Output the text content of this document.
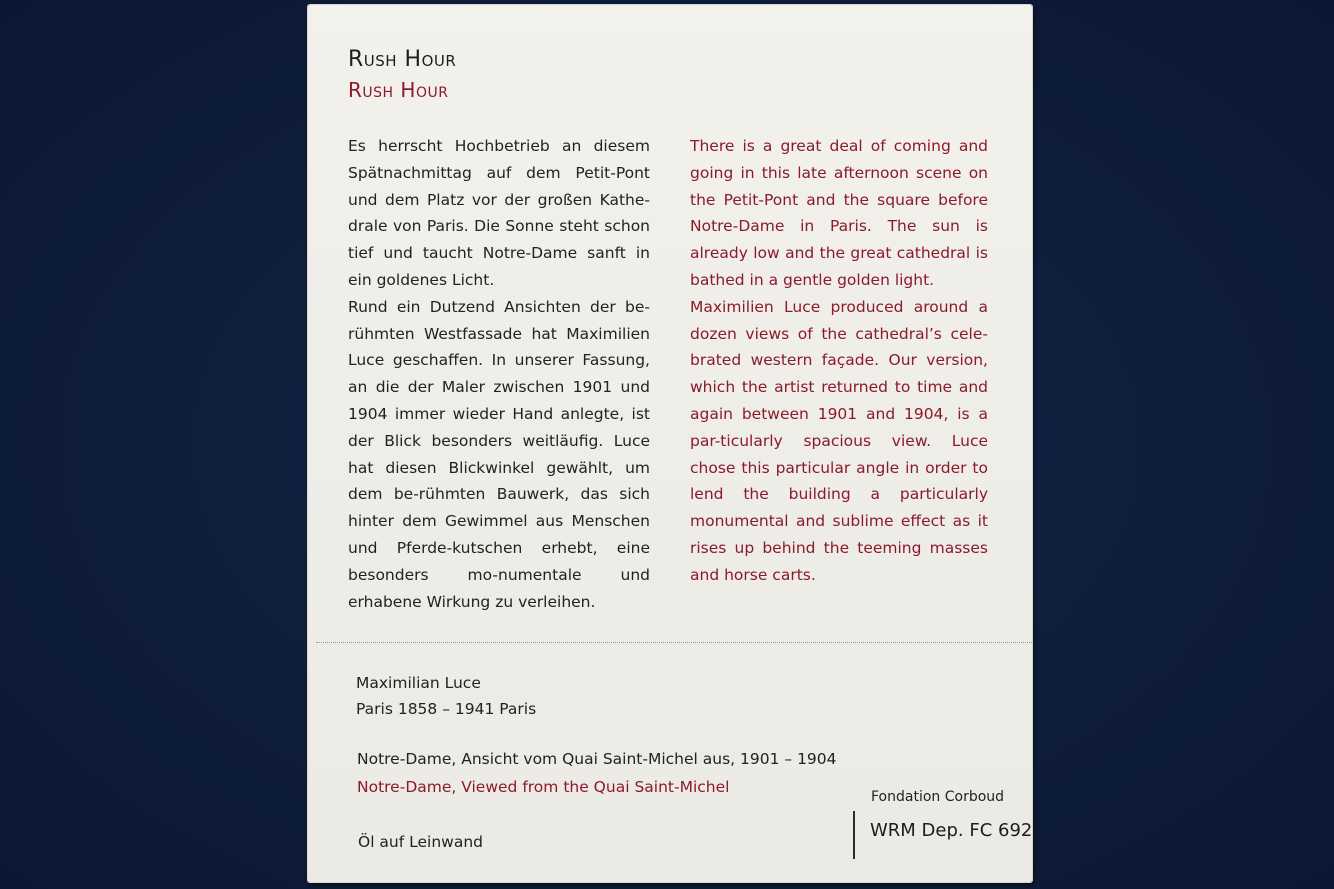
Rush Hour
Rush Hour

Es herrscht Hochbetrieb an diesem Spätnachmittag auf dem Petit-Pont und dem Platz vor der großen Kathe-drale von Paris. Die Sonne steht schon tief und taucht Notre-Dame sanft in ein goldenes Licht.

Rund ein Dutzend Ansichten der be-rühmten Westfassade hat Maximilien Luce geschaffen. In unserer Fassung, an die der Maler zwischen 1901 und 1904 immer wieder Hand anlegte, ist der Blick besonders weitläufig. Luce hat diesen Blickwinkel gewählt, um dem be-rühmten Bauwerk, das sich hinter dem Gewimmel aus Menschen und Pferde-kutschen erhebt, eine besonders mo-numentale und erhabene Wirkung zu verleihen.

There is a great deal of coming and going in this late afternoon scene on the Petit-Pont and the square before Notre-Dame in Paris. The sun is already low and the great cathedral is bathed in a gentle golden light.

Maximilien Luce produced around a dozen views of the cathedral’s cele-brated western façade. Our version, which the artist returned to time and again between 1901 and 1904, is a par-ticularly spacious view. Luce chose this particular angle in order to lend the building a particularly monumental and sublime effect as it rises up behind the teeming masses and horse carts.

Maximilian Luce
Paris 1858 – 1941 Paris
Notre-Dame, Ansicht vom Quai Saint-Michel aus, 1901 – 1904
Notre-Dame, Viewed from the Quai Saint-Michel
Öl auf Leinwand
Fondation Corboud
WRM Dep. FC 692
